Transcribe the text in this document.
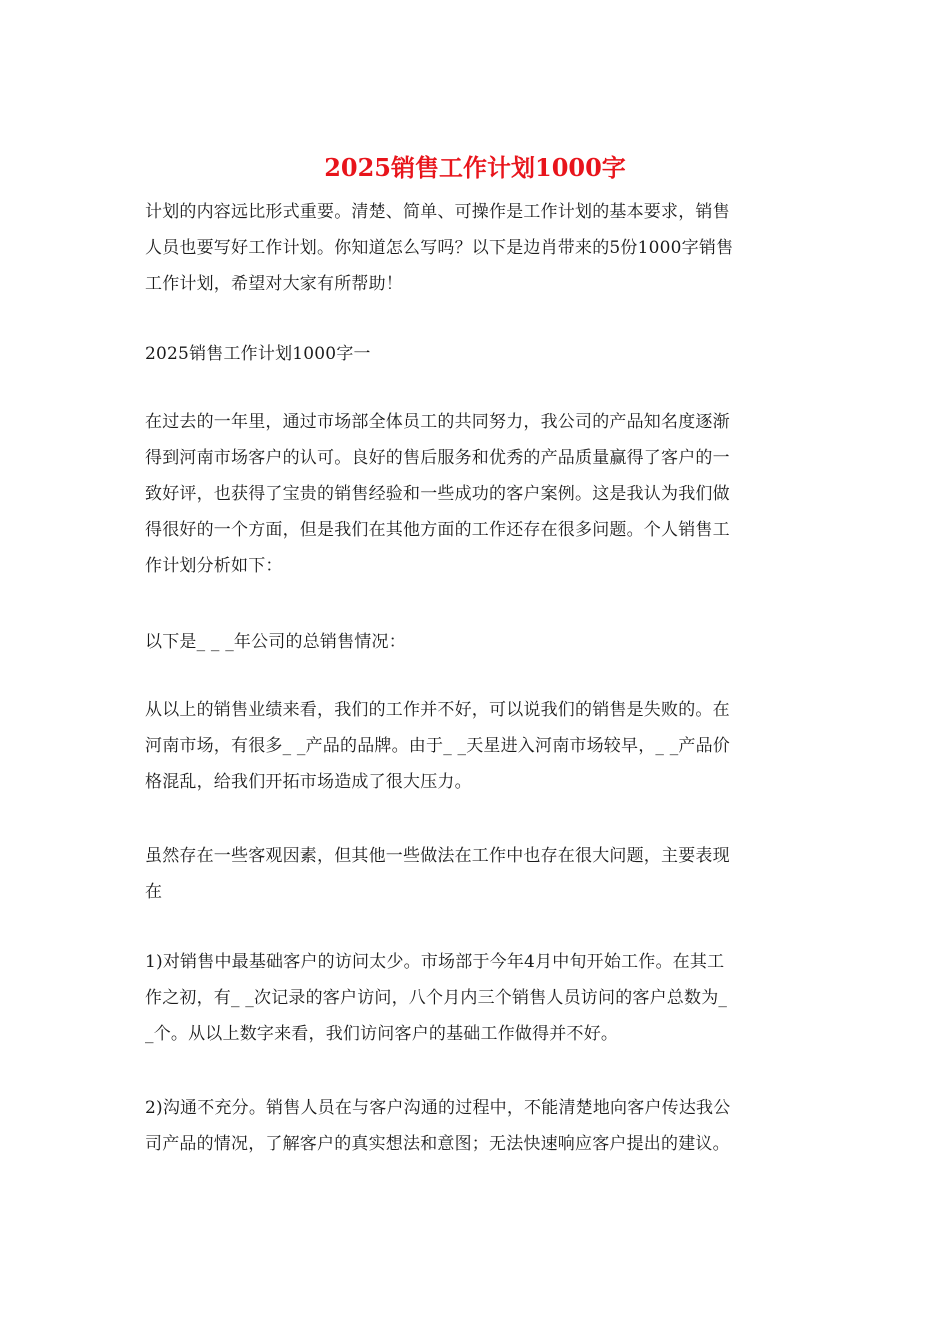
2025销售工作计划1000字

计划的内容远比形式重要。清楚、简单、可操作是工作计划的基本要求，销售
人员也要写好工作计划。你知道怎么写吗？以下是边肖带来的5份1000字销售
工作计划，希望对大家有所帮助！

2025销售工作计划1000字一

在过去的一年里，通过市场部全体员工的共同努力，我公司的产品知名度逐渐
得到河南市场客户的认可。良好的售后服务和优秀的产品质量赢得了客户的一
致好评，也获得了宝贵的销售经验和一些成功的客户案例。这是我认为我们做
得很好的一个方面，但是我们在其他方面的工作还存在很多问题。个人销售工
作计划分析如下：

以下是_ _ _年公司的总销售情况：

从以上的销售业绩来看，我们的工作并不好，可以说我们的销售是失败的。在
河南市场，有很多_ _产品的品牌。由于_ _天星进入河南市场较早，_ _产品价
格混乱，给我们开拓市场造成了很大压力。

虽然存在一些客观因素，但其他一些做法在工作中也存在很大问题，主要表现
在

1)对销售中最基础客户的访问太少。市场部于今年4月中旬开始工作。在其工
作之初，有_ _次记录的客户访问，八个月内三个销售人员访问的客户总数为_
_个。从以上数字来看，我们访问客户的基础工作做得并不好。

2)沟通不充分。销售人员在与客户沟通的过程中，不能清楚地向客户传达我公
司产品的情况，了解客户的真实想法和意图；无法快速响应客户提出的建议。
